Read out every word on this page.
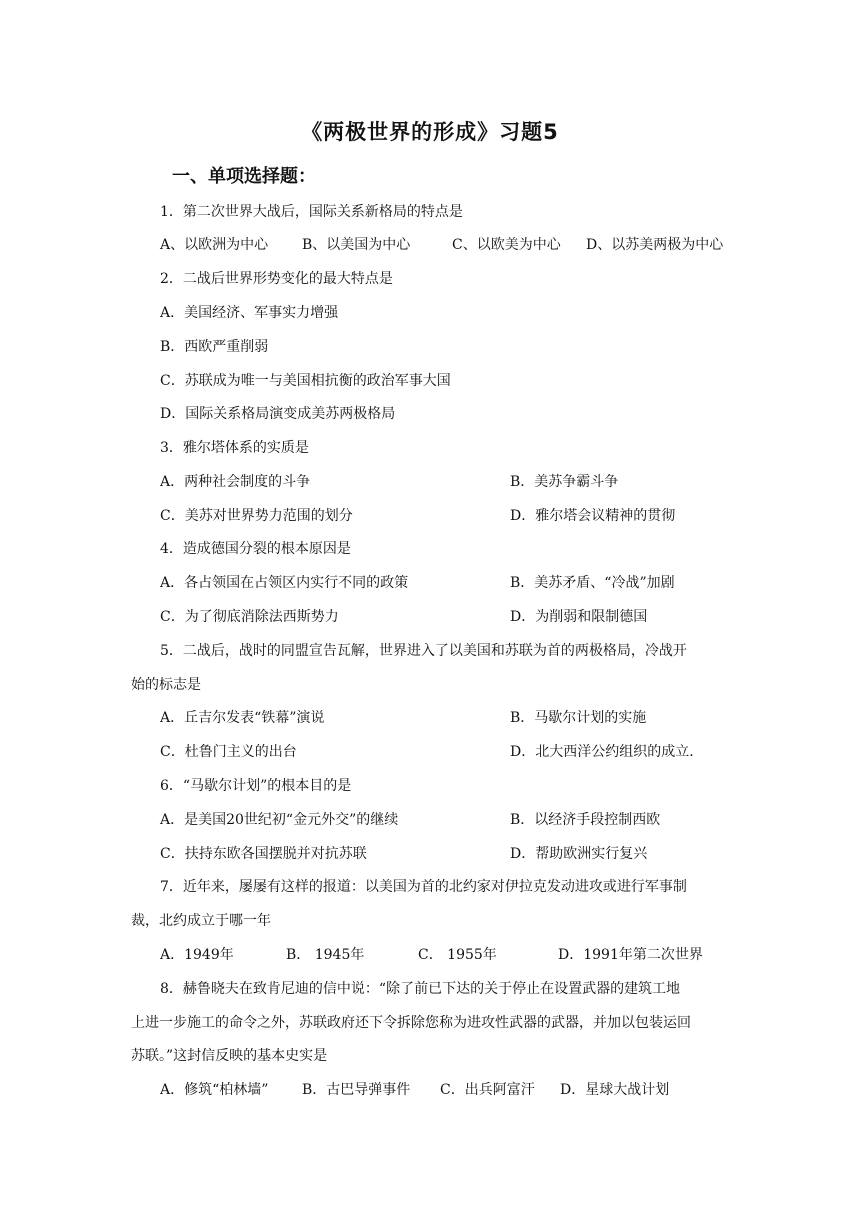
《两极世界的形成》习题5
一、单项选择题：
1．第二次世界大战后，国际关系新格局的特点是
A、以欧洲为中心 B、以美国为中心	C、以欧美为中心 D、以苏美两极为中心
2．二战后世界形势变化的最大特点是
A．美国经济、军事实力增强
B．西欧严重削弱
C．苏联成为唯一与美国相抗衡的政治军事大国
D．国际关系格局演变成美苏两极格局
3．雅尔塔体系的实质是
A．两种社会制度的斗争	B．美苏争霸斗争
C．美苏对世界势力范围的划分	D．雅尔塔会议精神的贯彻
4．造成德国分裂的根本原因是
A．各占领国在占领区内实行不同的政策	B．美苏矛盾、“冷战”加剧
C．为了彻底消除法西斯势力	D．为削弱和限制德国
5．二战后，战时的同盟宣告瓦解，世界进入了以美国和苏联为首的两极格局，冷战开
始的标志是
A．丘吉尔发表“铁幕”演说	B．马歇尔计划的实施
C．杜鲁门主义的出台	D．北大西洋公约组织的成立.
6．“马歇尔计划”的根本目的是
A．是美国20世纪初“金元外交”的继续	B．以经济手段控制西欧
C．扶持东欧各国摆脱并对抗苏联	D．帮助欧洲实行复兴
7．近年来，屡屡有这样的报道：以美国为首的北约家对伊拉克发动进攻或进行军事制
裁，北约成立于哪一年
A．1949年	B． 1945年	C． 1955年	D．1991年第二次世界
8．赫鲁晓夫在致肯尼迪的信中说：“除了前已下达的关于停止在设置武器的建筑工地
上进一步施工的命令之外，苏联政府还下令拆除您称为进攻性武器的武器，并加以包装运回
苏联。”这封信反映的基本史实是
A．修筑“柏林墙” B．古巴导弹事件 C．出兵阿富汗 D．星球大战计划
